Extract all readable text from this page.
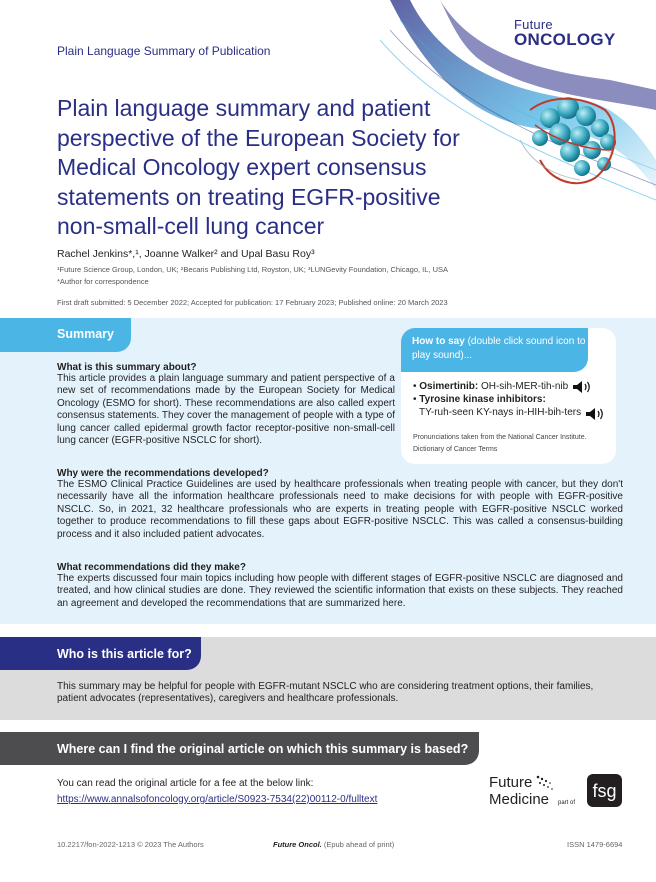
Plain Language Summary of Publication
Future
ONCOLOGY
Plain language summary and patient perspective of the European Society for Medical Oncology expert consensus statements on treating EGFR-positive non-small-cell lung cancer
Rachel Jenkins*,¹, Joanne Walker² and Upal Basu Roy³
¹Future Science Group, London, UK; ²Becaris Publishing Ltd, Royston, UK; ³LUNGevity Foundation, Chicago, IL, USA
*Author for correspondence
First draft submitted: 5 December 2022; Accepted for publication: 17 February 2023; Published online: 20 March 2023
Summary
What is this summary about?
This article provides a plain language summary and patient perspective of a new set of recommendations made by the European Society for Medical Oncology (ESMO for short). These recommendations are also called expert consensus statements. They cover the management of people with a type of lung cancer called epidermal growth factor receptor-positive non-small-cell lung cancer (EGFR-positive NSCLC for short).
Why were the recommendations developed?
The ESMO Clinical Practice Guidelines are used by healthcare professionals when treating people with cancer, but they don't necessarily have all the information healthcare professionals need to make decisions for with people with EGFR-positive NSCLC. So, in 2021, 32 healthcare professionals who are experts in treating people with EGFR-positive NSCLC worked together to produce recommendations to fill these gaps about EGFR-positive NSCLC. This was called a consensus-building process and it also included patient advocates.
What recommendations did they make?
The experts discussed four main topics including how people with different stages of EGFR-positive NSCLC are diagnosed and treated, and how clinical studies are done. They reviewed the scientific information that exists on these subjects. They reached an agreement and developed the recommendations that are summarized here.
How to say (double click sound icon to play sound)...
• Osimertinib: OH-sih-MER-tih-nib
• Tyrosine kinase inhibitors:
TY-ruh-seen KY-nays in-HIH-bih-ters
Pronunciations taken from the National Cancer Institute. Dictionary of Cancer Terms
Who is this article for?
This summary may be helpful for people with EGFR-mutant NSCLC who are considering treatment options, their families, patient advocates (representatives), caregivers and healthcare professionals.
Where can I find the original article on which this summary is based?
You can read the original article for a fee at the below link:
https://www.annalsofoncology.org/article/S0923-7534(22)00112-0/fulltext
Future
Medicine part of
fsg
10.2217/fon-2022-1213 © 2023 The Authors	Future Oncol. (Epub ahead of print)	ISSN 1479-6694
